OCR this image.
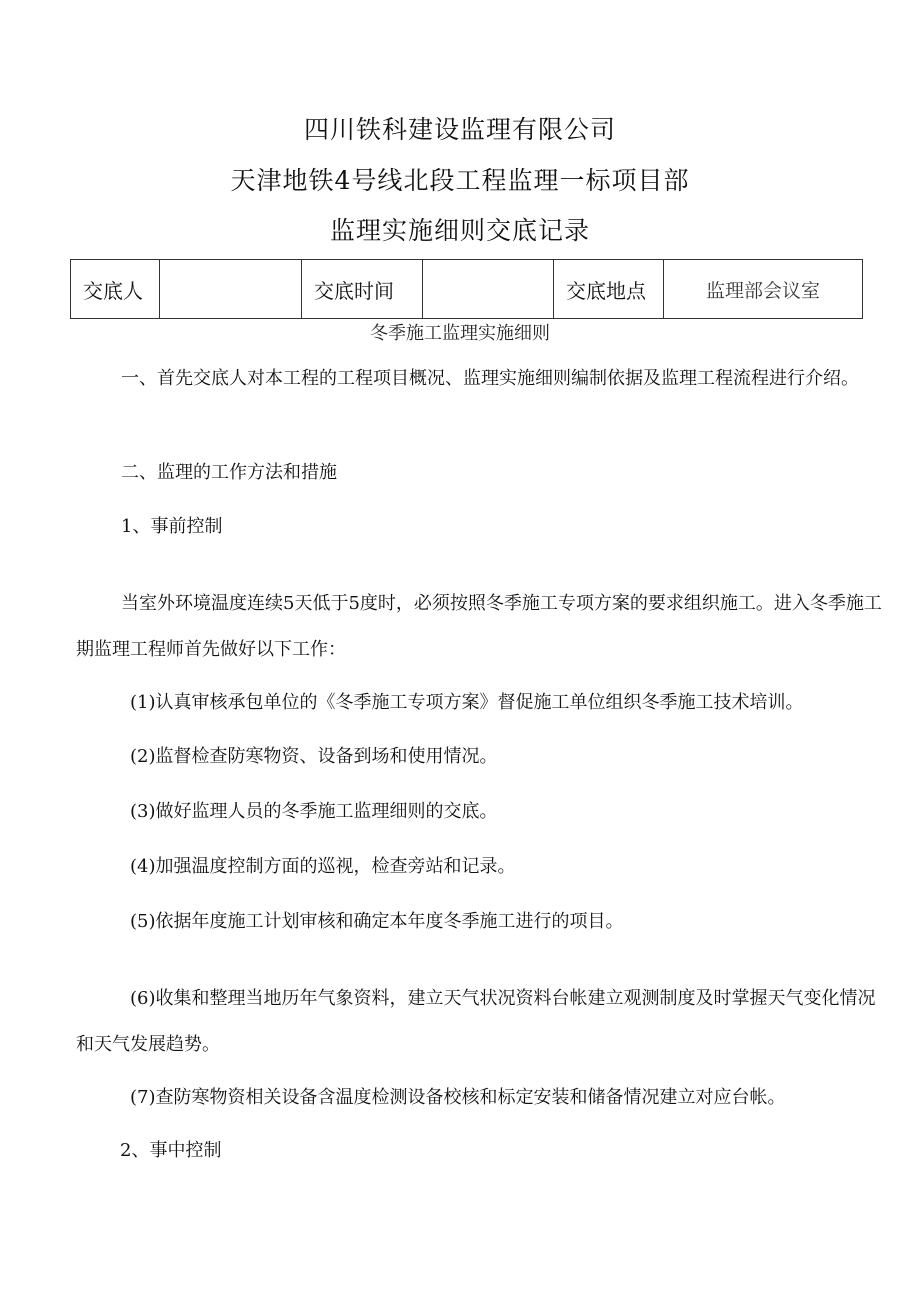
四川铁科建设监理有限公司
天津地铁4号线北段工程监理一标项目部
监理实施细则交底记录
交底人		交底时间		交底地点	监理部会议室
冬季施工监理实施细则

一、首先交底人对本工程的工程项目概况、监理实施细则编制依据及监理工程流程进行介绍。

二、监理的工作方法和措施

1、事前控制

当室外环境温度连续5天低于5度时，必须按照冬季施工专项方案的要求组织施工。进入冬季施工期监理工程师首先做好以下工作：

(1)认真审核承包单位的《冬季施工专项方案》督促施工单位组织冬季施工技术培训。

(2)监督检查防寒物资、设备到场和使用情况。

(3)做好监理人员的冬季施工监理细则的交底。

(4)加强温度控制方面的巡视，检查旁站和记录。

(5)依据年度施工计划审核和确定本年度冬季施工进行的项目。

(6)收集和整理当地历年气象资料，建立天气状况资料台帐建立观测制度及时掌握天气变化情况和天气发展趋势。

(7)查防寒物资相关设备含温度检测设备校核和标定安装和储备情况建立对应台帐。

2、事中控制
